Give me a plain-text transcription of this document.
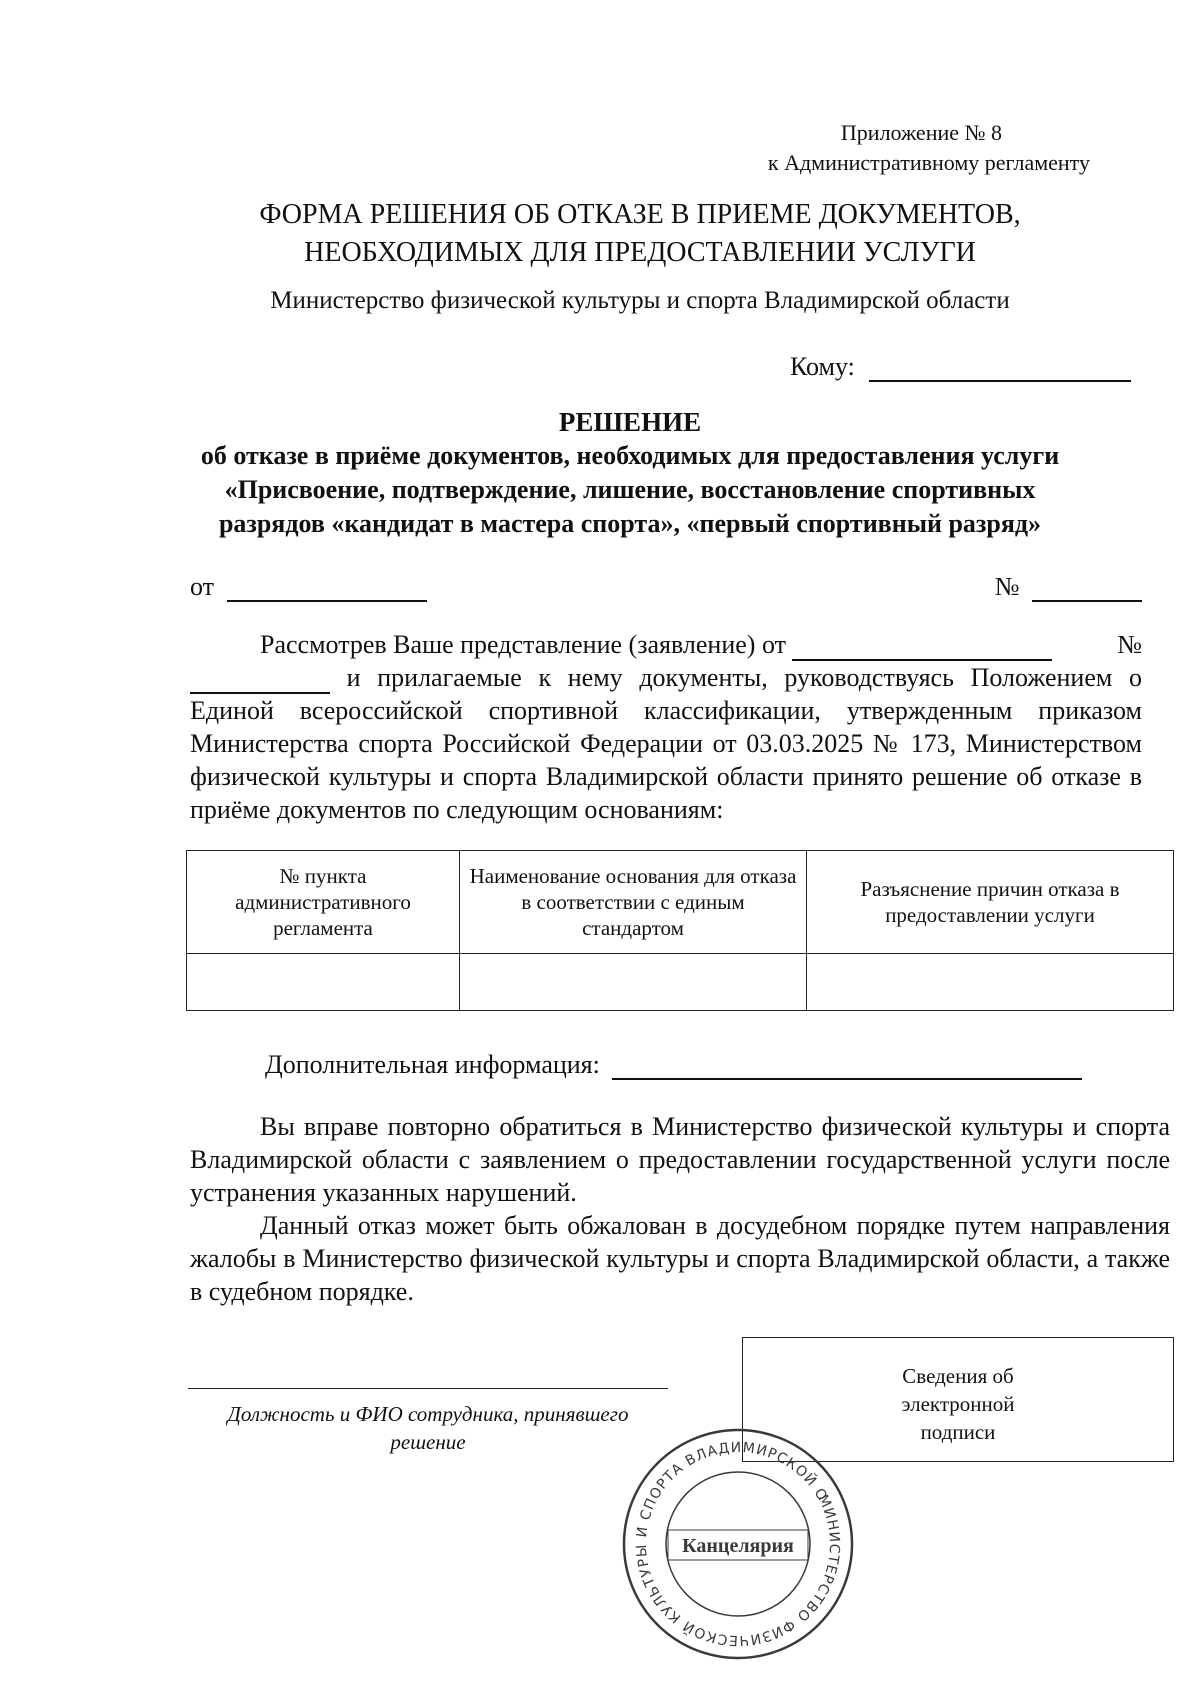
Приложение № 8
к Административному регламенту
ФОРМА РЕШЕНИЯ ОБ ОТКАЗЕ В ПРИЕМЕ ДОКУМЕНТОВ,
НЕОБХОДИМЫХ ДЛЯ ПРЕДОСТАВЛЕНИИ УСЛУГИ
Министерство физической культуры и спорта Владимирской области
Кому:
РЕШЕНИЕ
об отказе в приёме документов, необходимых для предоставления услуги
«Присвоение, подтверждение, лишение, восстановление спортивных
разрядов «кандидат в мастера спорта», «первый спортивный разряд»
от	№
Рассмотрев Ваше представление (заявление) от	№

и прилагаемые к нему документы, руководствуясь Положением о Единой всероссийской спортивной классификации, утвержденным приказом Министерства спорта Российской Федерации от 03.03.2025 № 173, Министерством физической культуры и спорта Владимирской области принято решение об отказе в приёме документов по следующим основаниям:
№ пункта административного регламента	Наименование основания для отказа в соответствии с единым стандартом	Разъяснение причин отказа в предоставлении услуги

Дополнительная информация:
Вы вправе повторно обратиться в Министерство физической культуры и спорта Владимирской области с заявлением о предоставлении государственной услуги после устранения указанных нарушений.
Данный отказ может быть обжалован в досудебном порядке путем направления жалобы в Министерство физической культуры и спорта Владимирской области, а также в судебном порядке.
Должность и ФИО сотрудника, принявшего
решение
Сведения об
электронной
подписи
МИНИСТЕРСТВО ФИЗИЧЕСКОЙ КУЛЬТУРЫ И СПОРТА ВЛАДИМИРСКОЙ ОБЛАСТИ
Канцелярия
